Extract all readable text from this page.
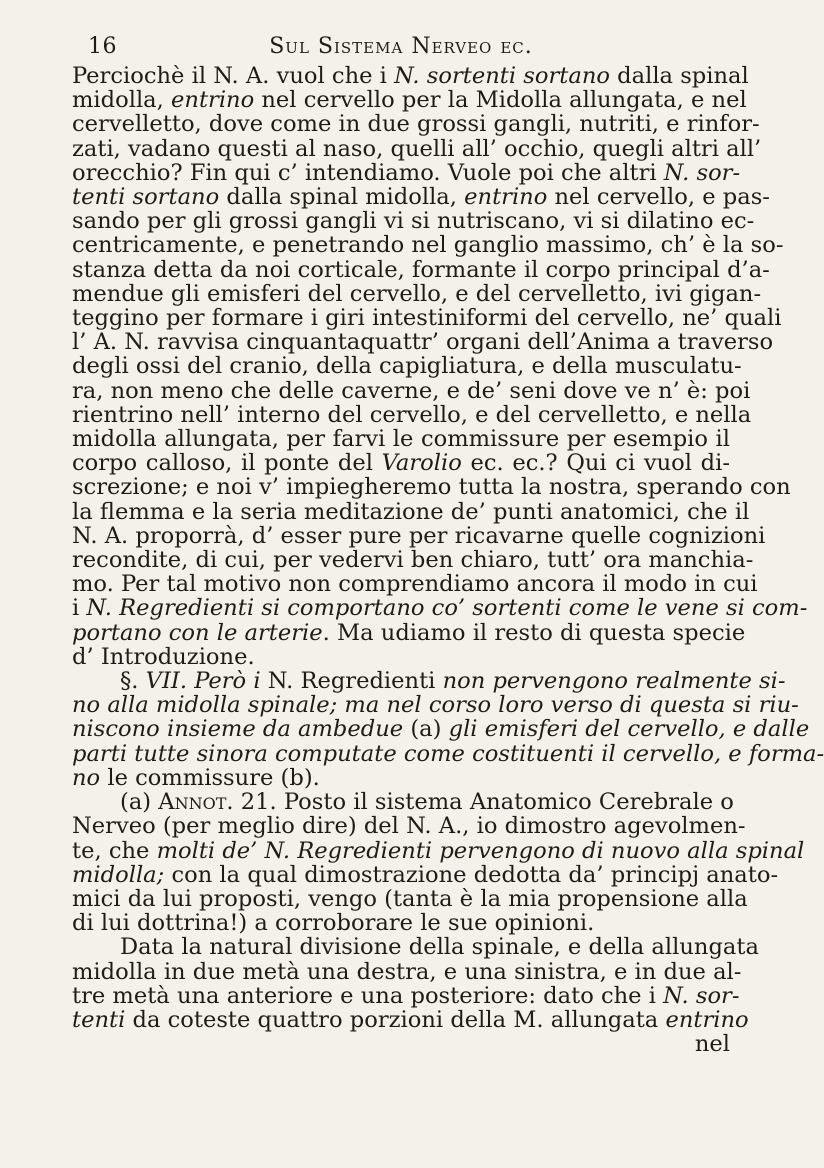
16	Sul Sistema Nerveo ec.
Perciochè il N. A. vuol che i N. sortenti sortano dalla spinal
midolla, entrino nel cervello per la Midolla allungata, e nel
cervelletto, dove come in due grossi gangli, nutriti, e rinfor-
zati, vadano questi al naso, quelli all’ occhio, quegli altri all’
orecchio? Fin qui c’ intendiamo. Vuole poi che altri N. sor-
tenti sortano dalla spinal midolla, entrino nel cervello, e pas-
sando per gli grossi gangli vi si nutriscano, vi si dilatino ec-
centricamente, e penetrando nel ganglio massimo, ch’ è la so-
stanza detta da noi corticale, formante il corpo principal d’a-
mendue gli emisferi del cervello, e del cervelletto, ivi gigan-
teggino per formare i giri intestiniformi del cervello, ne’ quali
l’ A. N. ravvisa cinquantaquattr’ organi dell’Anima a traverso
degli ossi del cranio, della capigliatura, e della musculatu-
ra, non meno che delle caverne, e de’ seni dove ve n’ è: poi
rientrino nell’ interno del cervello, e del cervelletto, e nella
midolla allungata, per farvi le commissure per esempio il
corpo calloso, il ponte del Varolio ec. ec.? Qui ci vuol di-
screzione; e noi v’ impiegheremo tutta la nostra, sperando con
la flemma e la seria meditazione de’ punti anatomici, che il
N. A. proporrà, d’ esser pure per ricavarne quelle cognizioni
recondite, di cui, per vedervi ben chiaro, tutt’ ora manchia-
mo. Per tal motivo non comprendiamo ancora il modo in cui
i N. Regredienti si comportano co’ sortenti come le vene si com-
portano con le arterie. Ma udiamo il resto di questa specie
d’ Introduzione.
§. VII. Però i N. Regredienti non pervengono realmente si-
no alla midolla spinale; ma nel corso loro verso di questa si riu-
niscono insieme da ambedue (a) gli emisferi del cervello, e dalle
parti tutte sinora computate come costituenti il cervello, e forma-
no le commissure (b).
(a) Annot. 21. Posto il sistema Anatomico Cerebrale o
Nerveo (per meglio dire) del N. A., io dimostro agevolmen-
te, che molti de’ N. Regredienti pervengono di nuovo alla spinal
midolla; con la qual dimostrazione dedotta da’ principj anato-
mici da lui proposti, vengo (tanta è la mia propensione alla
di lui dottrina!) a corroborare le sue opinioni.
Data la natural divisione della spinale, e della allungata
midolla in due metà una destra, e una sinistra, e in due al-
tre metà una anteriore e una posteriore: dato che i N. sor-
tenti da coteste quattro porzioni della M. allungata entrino
nel
